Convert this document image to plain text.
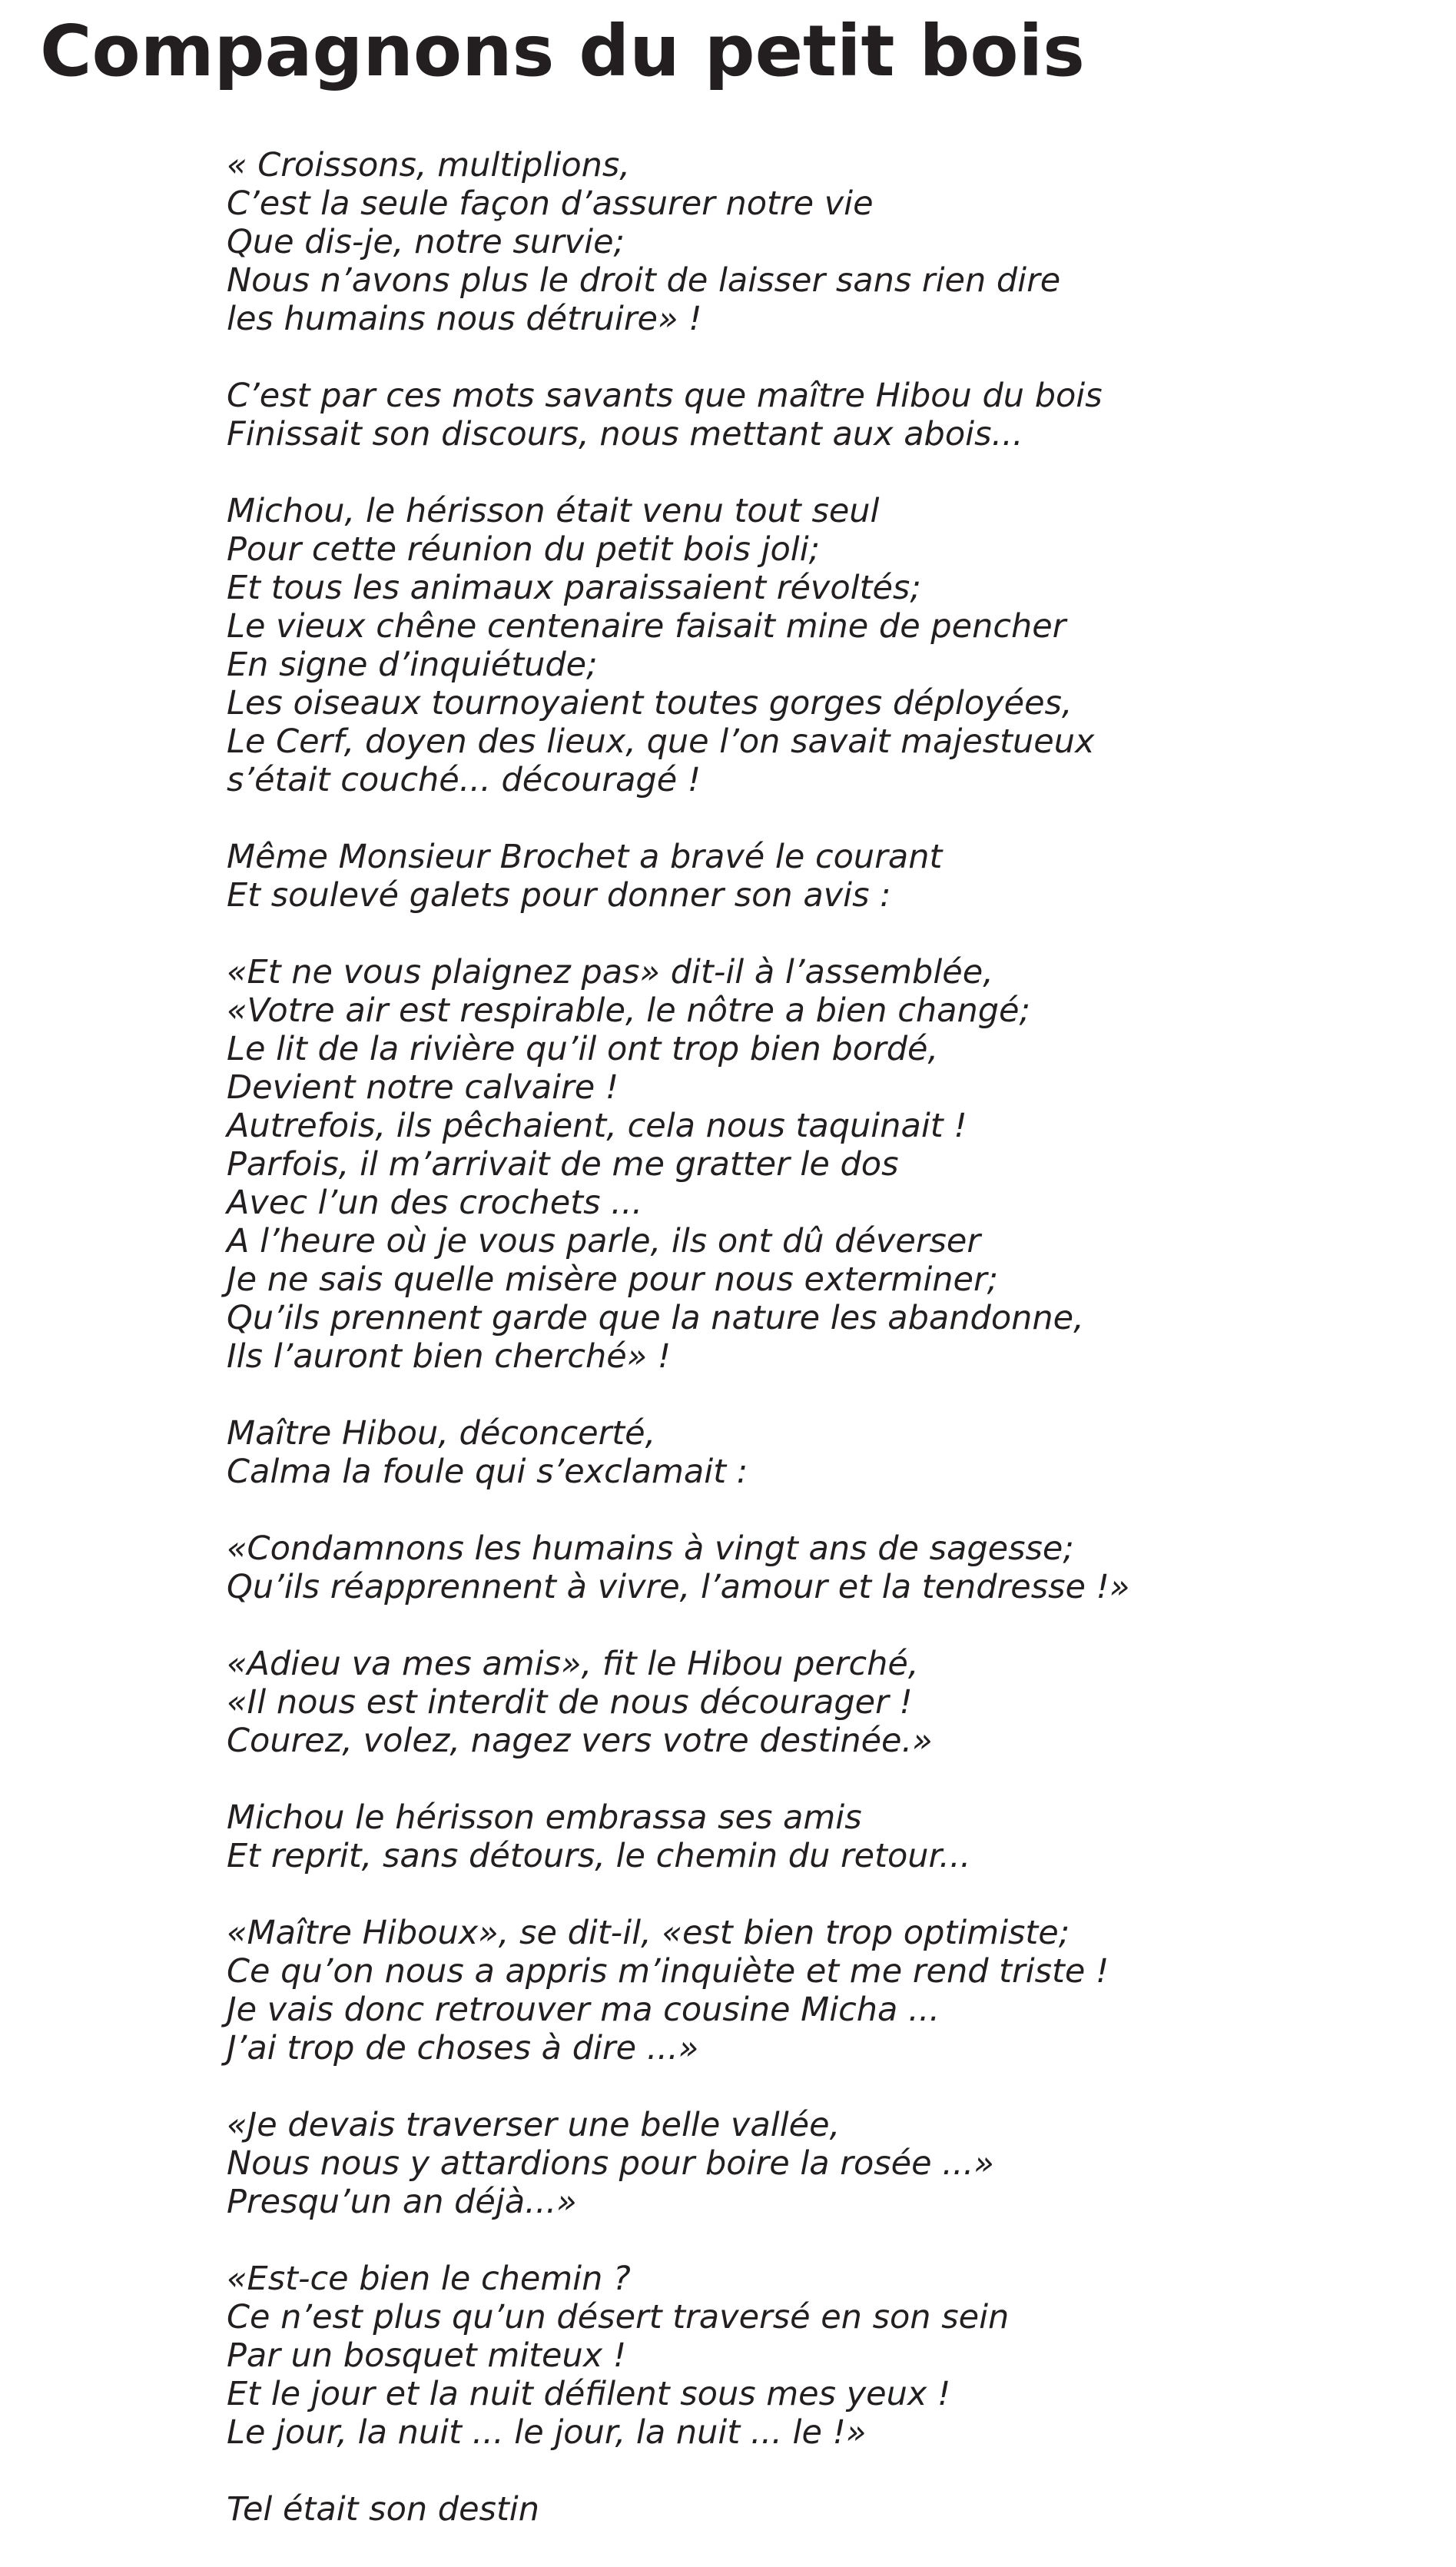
Compagnons du petit bois
« Croissons, multiplions,
C’est la seule façon d’assurer notre vie
Que dis-je, notre survie;
Nous n’avons plus le droit de laisser sans rien dire
les humains nous détruire» !
C’est par ces mots savants que maître Hibou du bois
Finissait son discours, nous mettant aux abois...
Michou, le hérisson était venu tout seul
Pour cette réunion du petit bois joli;
Et tous les animaux paraissaient révoltés;
Le vieux chêne centenaire faisait mine de pencher
En signe d’inquiétude;
Les oiseaux tournoyaient toutes gorges déployées,
Le Cerf, doyen des lieux, que l’on savait majestueux
s’était couché... découragé !
Même Monsieur Brochet a bravé le courant
Et soulevé galets pour donner son avis :
«Et ne vous plaignez pas» dit-il à l’assemblée,
«Votre air est respirable, le nôtre a bien changé;
Le lit de la rivière qu’il ont trop bien bordé,
Devient notre calvaire !
Autrefois, ils pêchaient, cela nous taquinait !
Parfois, il m’arrivait de me gratter le dos
Avec l’un des crochets ...
A l’heure où je vous parle, ils ont dû déverser
Je ne sais quelle misère pour nous exterminer;
Qu’ils prennent garde que la nature les abandonne,
Ils l’auront bien cherché» !
Maître Hibou, déconcerté,
Calma la foule qui s’exclamait :
«Condamnons les humains à vingt ans de sagesse;
Qu’ils réapprennent à vivre, l’amour et la tendresse !»
«Adieu va mes amis», fit le Hibou perché,
«Il nous est interdit de nous décourager !
Courez, volez, nagez vers votre destinée.»
Michou le hérisson embrassa ses amis
Et reprit, sans détours, le chemin du retour...
«Maître Hiboux», se dit-il, «est bien trop optimiste;
Ce qu’on nous a appris m’inquiète et me rend triste !
Je vais donc retrouver ma cousine Micha ...
J’ai trop de choses à dire ...»
«Je devais traverser une belle vallée,
Nous nous y attardions pour boire la rosée ...»
Presqu’un an déjà...»
«Est-ce bien le chemin ?
Ce n’est plus qu’un désert traversé en son sein
Par un bosquet miteux !
Et le jour et la nuit défilent sous mes yeux !
Le jour, la nuit ... le jour, la nuit ... le !»
Tel était son destin
